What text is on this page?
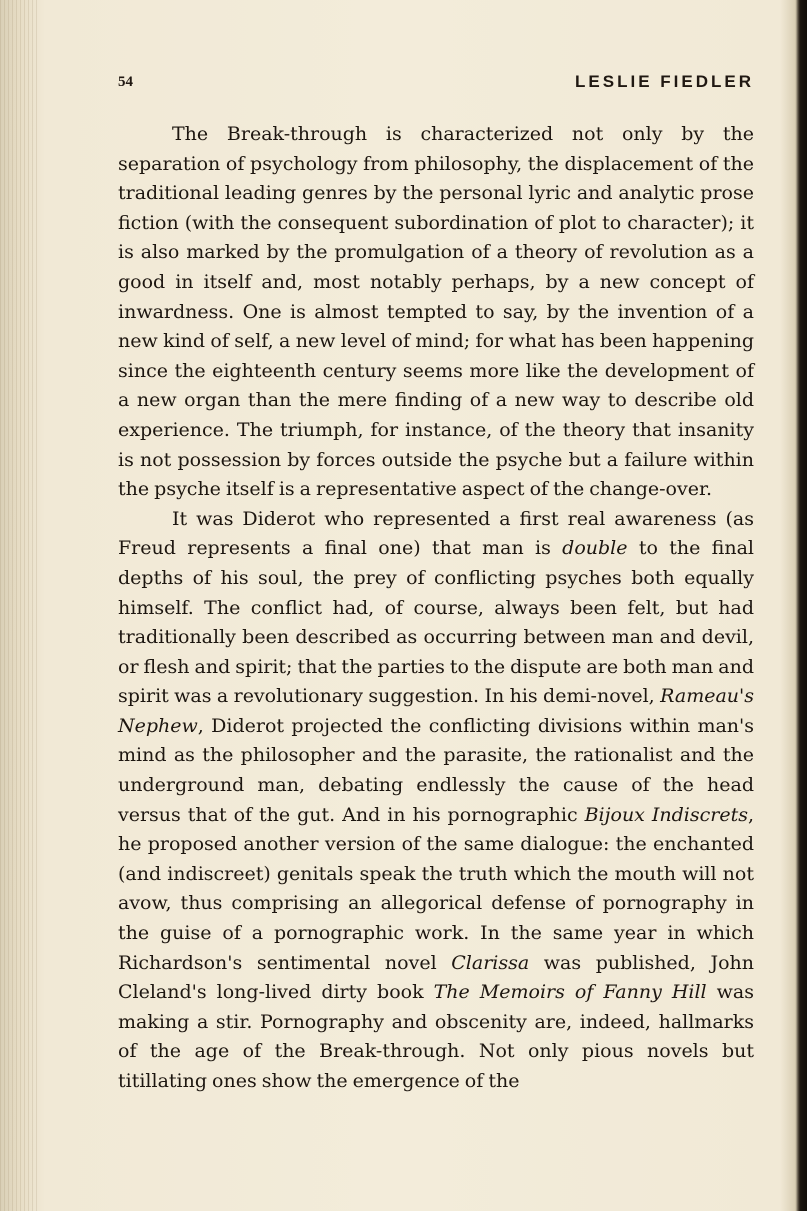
54	LESLIE FIEDLER

The Break-through is characterized not only by the separation of psychology from philosophy, the displacement of the traditional leading genres by the personal lyric and analytic prose fiction (with the consequent subordination of plot to character); it is also marked by the promulgation of a theory of revolution as a good in itself and, most notably perhaps, by a new concept of inwardness. One is almost tempted to say, by the invention of a new kind of self, a new level of mind; for what has been happening since the eighteenth century seems more like the development of a new organ than the mere finding of a new way to describe old experience. The triumph, for instance, of the theory that insanity is not possession by forces outside the psyche but a failure within the psyche itself is a representative aspect of the change-over.

It was Diderot who represented a first real awareness (as Freud represents a final one) that man is double to the final depths of his soul, the prey of conflicting psyches both equally himself. The conflict had, of course, always been felt, but had traditionally been described as occurring between man and devil, or flesh and spirit; that the parties to the dispute are both man and spirit was a revolutionary suggestion. In his demi-novel, Rameau's Nephew, Diderot projected the conflicting divisions within man's mind as the philosopher and the parasite, the rationalist and the underground man, debating endlessly the cause of the head versus that of the gut. And in his pornographic Bijoux Indiscrets, he proposed another version of the same dialogue: the enchanted (and indiscreet) genitals speak the truth which the mouth will not avow, thus comprising an allegorical defense of pornography in the guise of a pornographic work. In the same year in which Richardson's sentimental novel Clarissa was published, John Cleland's long-lived dirty book The Memoirs of Fanny Hill was making a stir. Pornography and obscenity are, indeed, hallmarks of the age of the Break-through. Not only pious novels but titillating ones show the emergence of the
